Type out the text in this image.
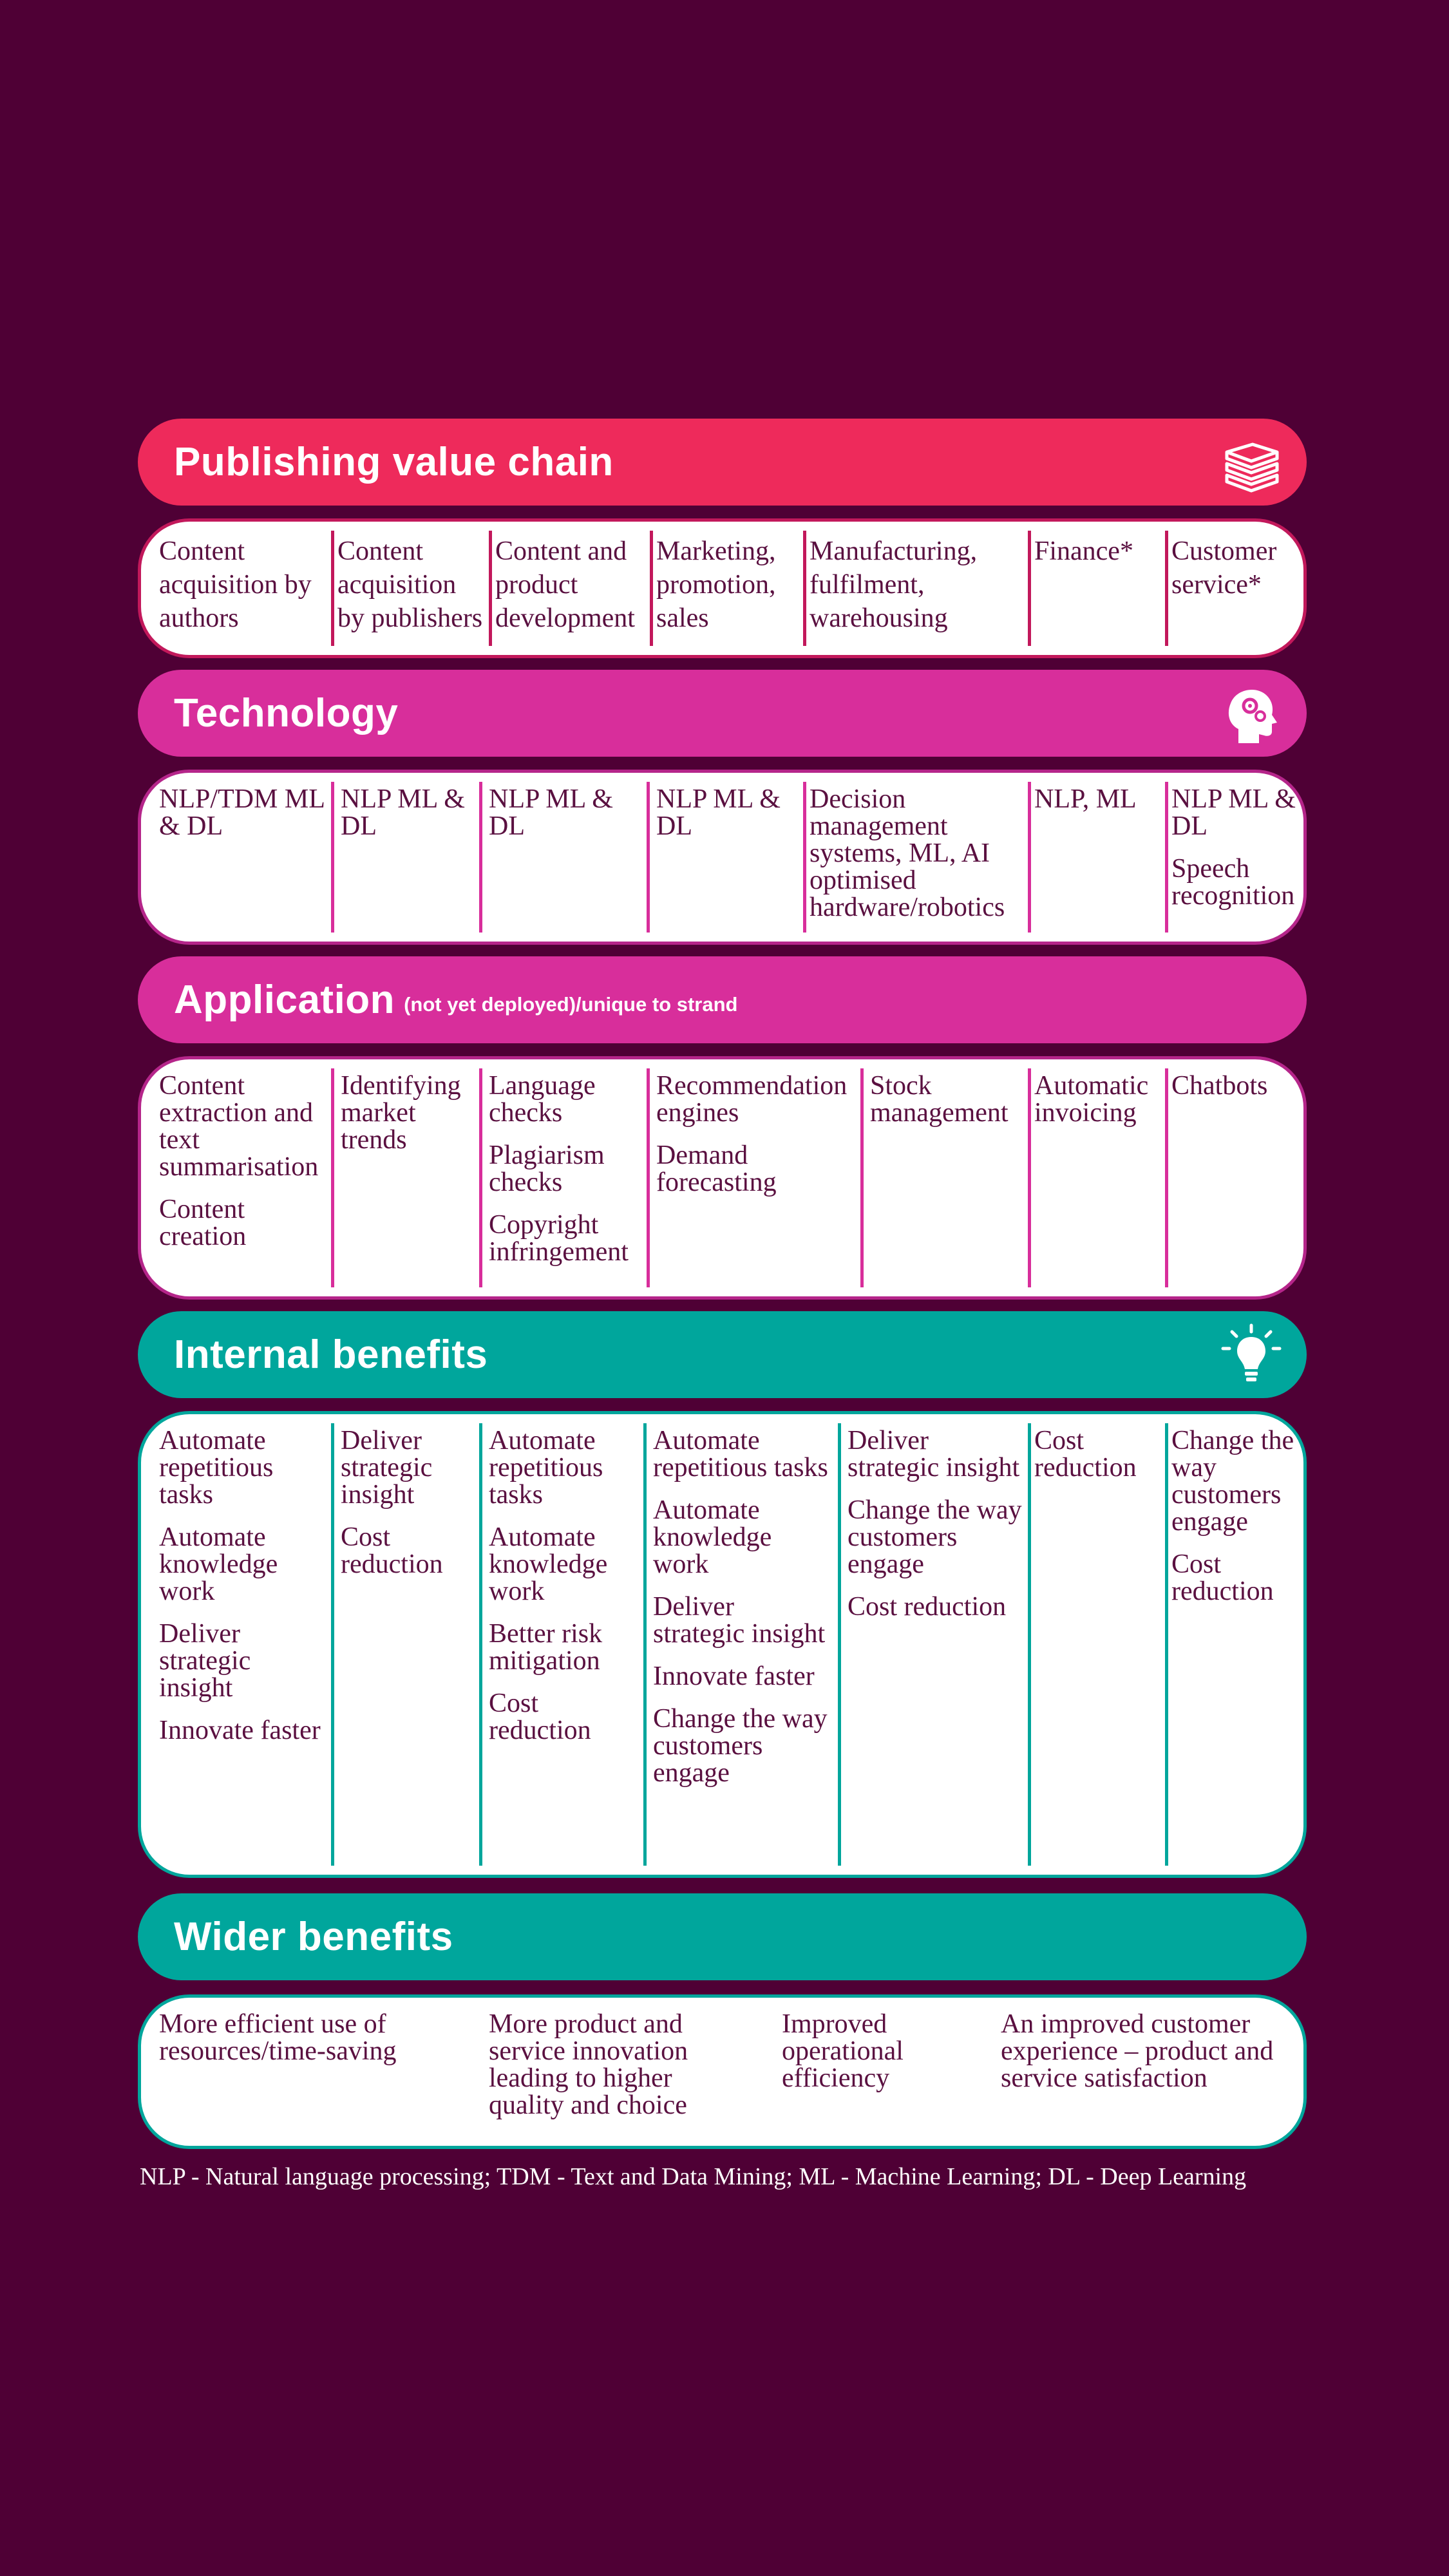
Publishing value chain
Content acquisition by authors
Content acquisition by publishers
Content and product development
Marketing, promotion, sales
Manufacturing, fulfilment, warehousing
Finance*	Customer service*
Technology
NLP/TDM ML & DL
NLP ML & DL
NLP ML & DL
NLP ML & DL
Decision management systems, ML, AI optimised hardware/robotics
NLP, ML	NLP ML & DL
Speech recognition
Application (not yet deployed)/unique to strand
Content extraction and text summarisation
Content creation
Identifying market trends
Language checks
Plagiarism checks
Copyright infringement
Recommendation engines
Demand forecasting
Stock management
Automatic invoicing
Chatbots
Internal benefits
Automate repetitious tasks
Automate knowledge work
Deliver strategic insight
Innovate faster
Deliver strategic insight
Cost reduction
Automate repetitious tasks
Automate knowledge work
Better risk mitigation
Cost reduction
Automate repetitious tasks
Automate knowledge work
Deliver strategic insight
Innovate faster
Change the way customers engage
Deliver strategic insight
Change the way customers engage
Cost reduction
Cost reduction
Change the way customers engage
Cost reduction
Wider benefits
More efficient use of resources/time-saving
More product and service innovation leading to higher quality and choice
Improved operational efficiency
An improved customer experience – product and service satisfaction
NLP - Natural language processing; TDM - Text and Data Mining; ML - Machine Learning; DL - Deep Learning
